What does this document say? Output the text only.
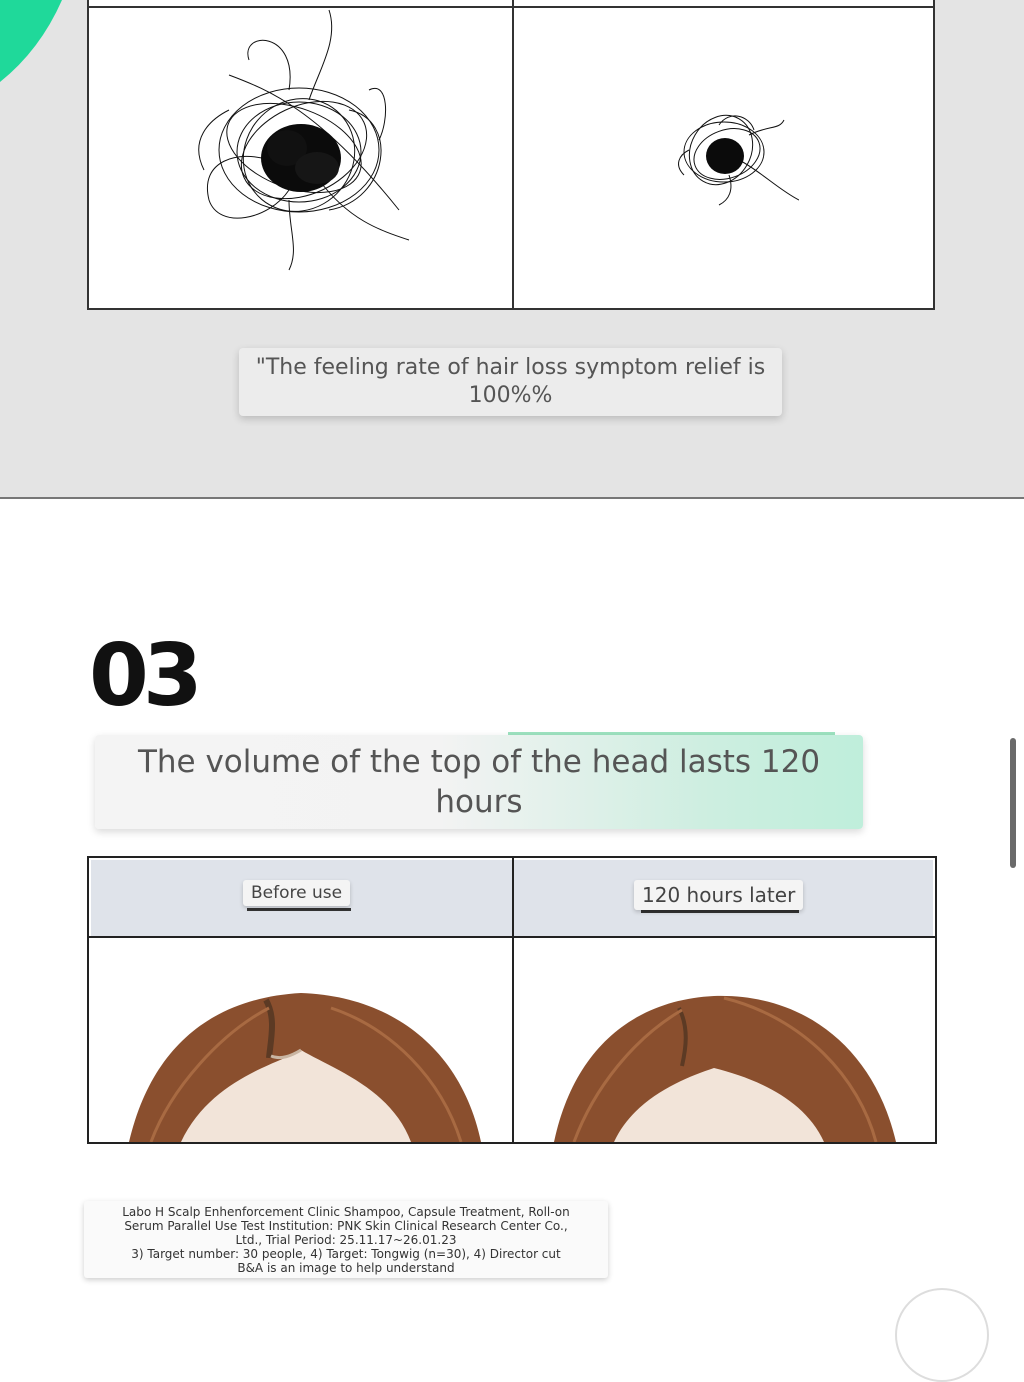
"The feeling rate of hair loss symptom relief is 100%%
03
The volume of the top of the head lasts 120 hours
Before use	120 hours later
Labo H Scalp Enhenforcement Clinic Shampoo, Capsule Treatment, Roll-on
Serum Parallel Use Test Institution: PNK Skin Clinical Research Center Co.,
Ltd., Trial Period: 25.11.17~26.01.23
3) Target number: 30 people, 4) Target: Tongwig (n=30), 4) Director cut
B&A is an image to help understand
